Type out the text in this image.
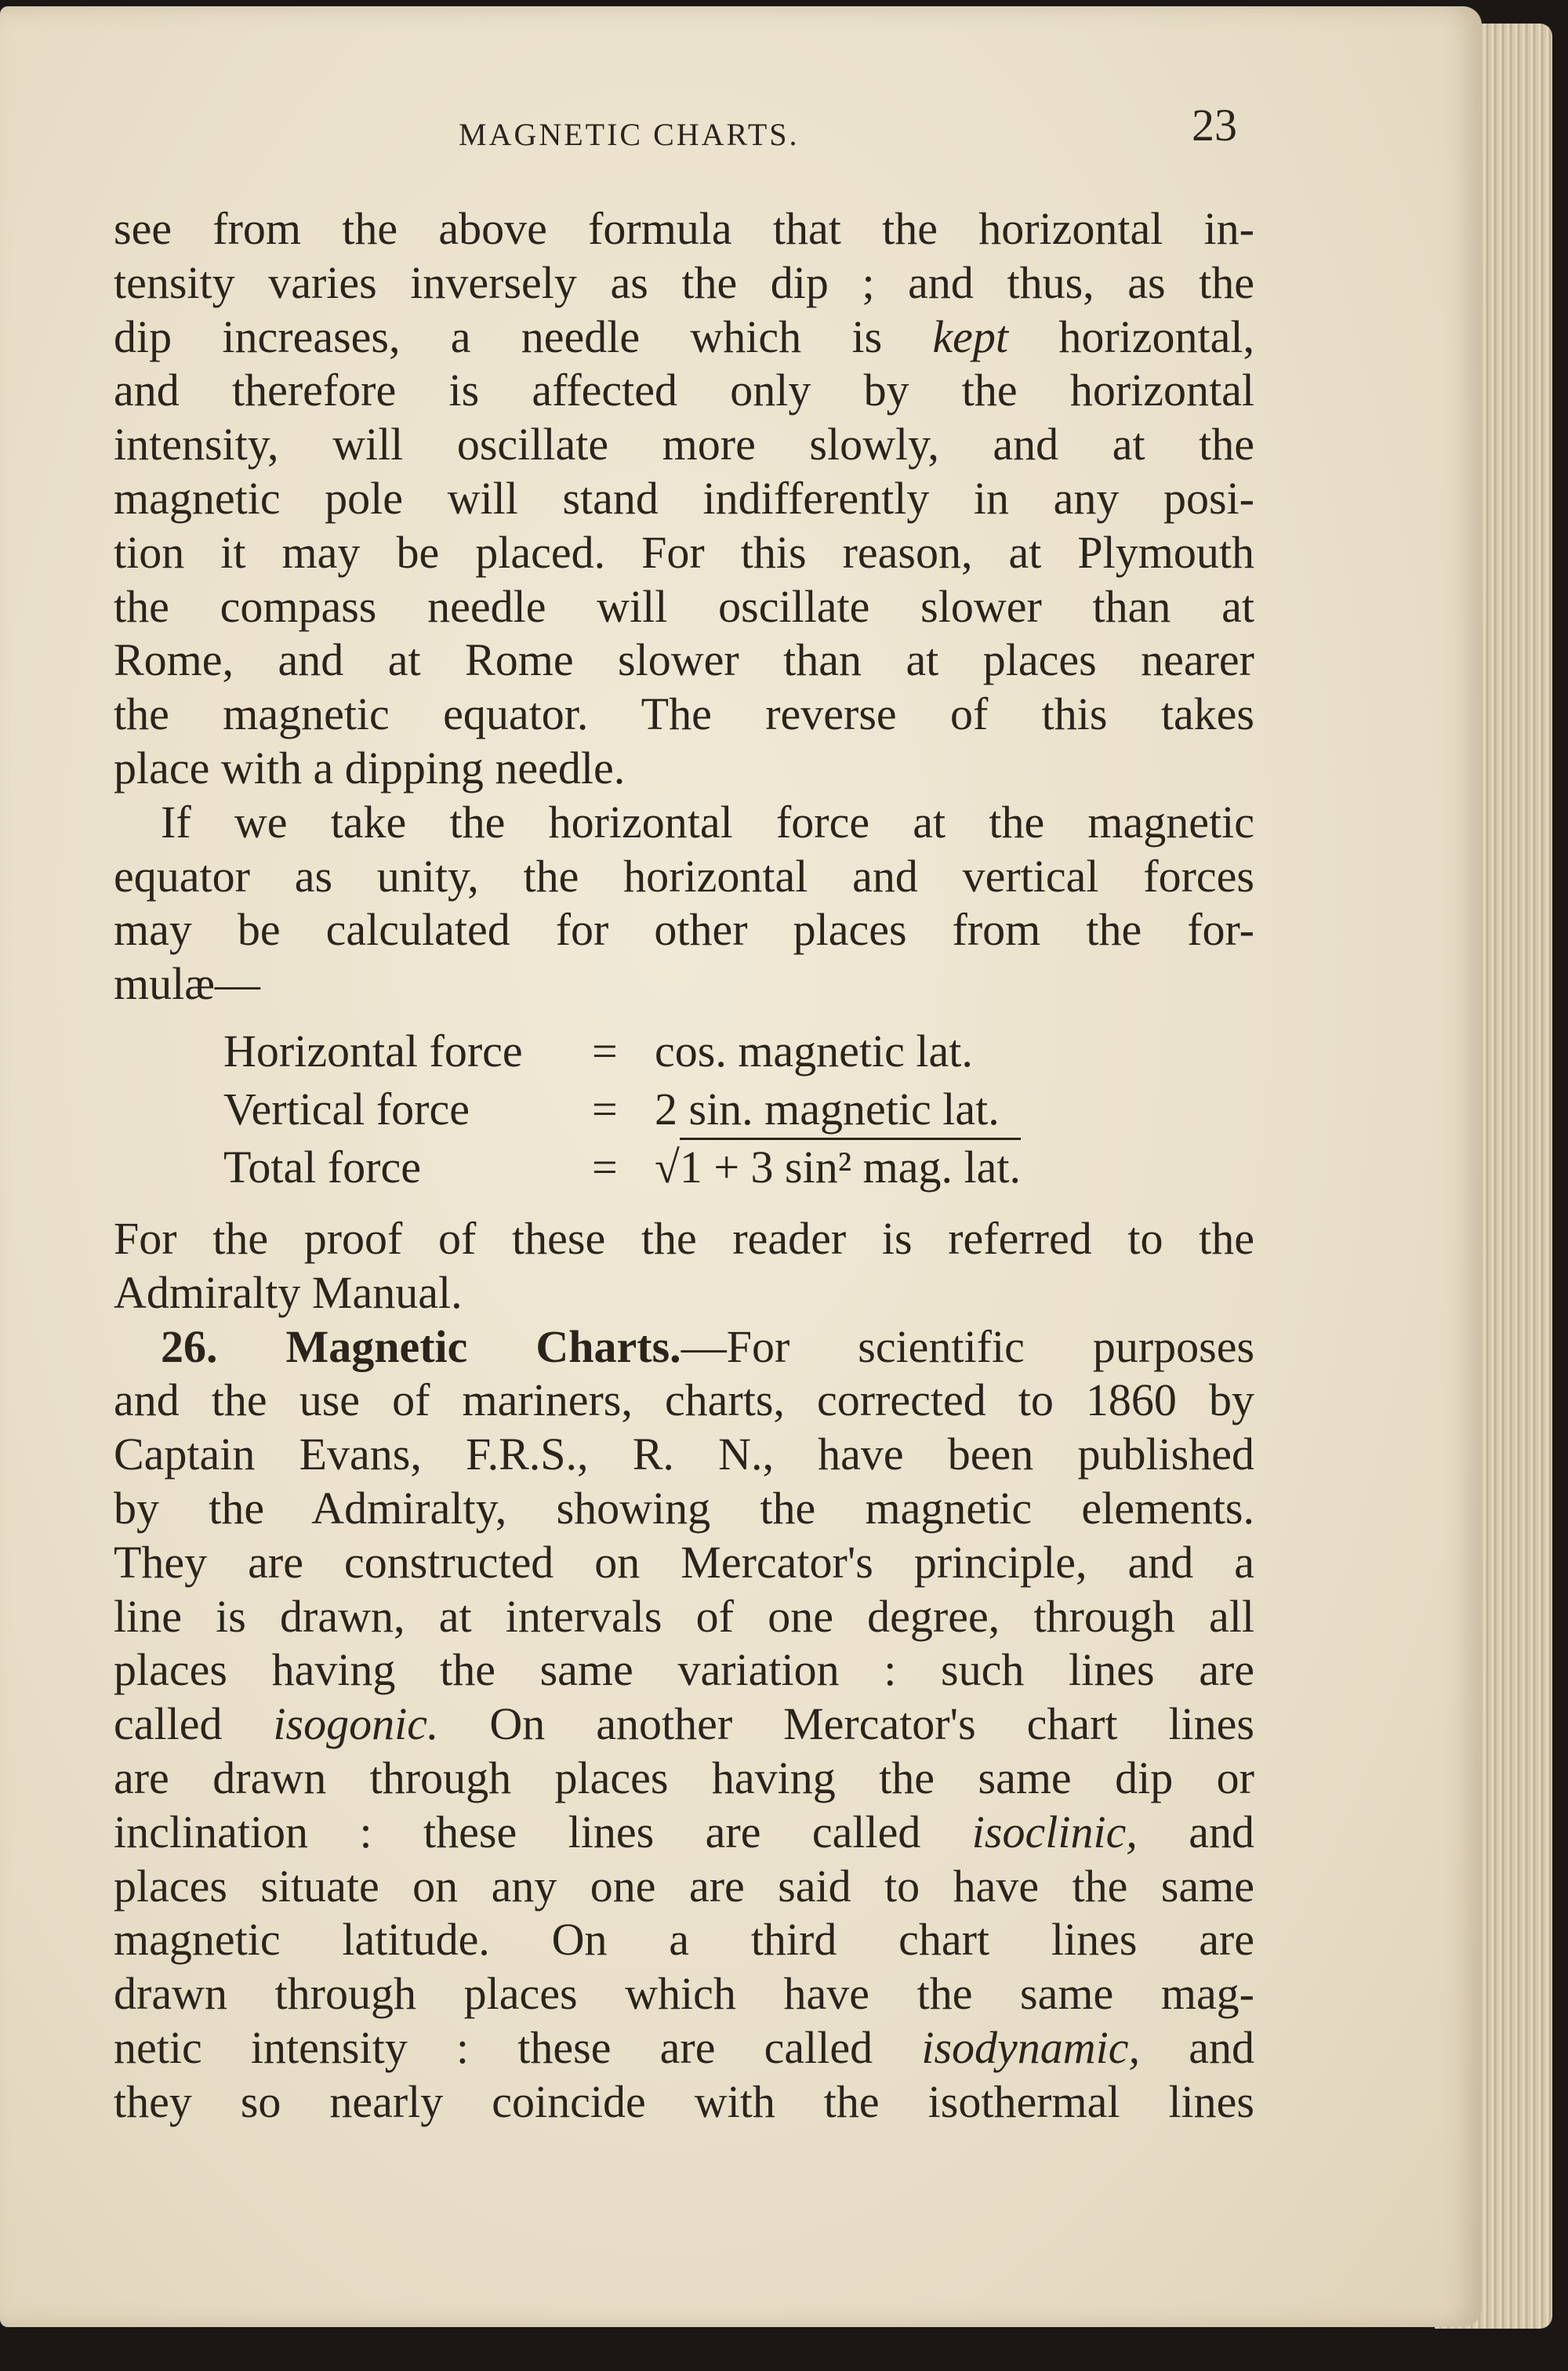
MAGNETIC CHARTS.	23
see from the above formula that the horizontal in-
tensity varies inversely as the dip ; and thus, as the
dip increases, a needle which is kept horizontal,
and therefore is affected only by the horizontal
intensity, will oscillate more slowly, and at the
magnetic pole will stand indifferently in any posi-
tion it may be placed. For this reason, at Plymouth
the compass needle will oscillate slower than at
Rome, and at Rome slower than at places nearer
the magnetic equator. The reverse of this takes
place with a dipping needle.
If we take the horizontal force at the magnetic
equator as unity, the horizontal and vertical forces
may be calculated for other places from the for-
mulæ—
Horizontal force = cos. magnetic lat.
Vertical force	= 2 sin. magnetic lat.
Total force	= √1 + 3 sin² mag. lat.
For the proof of these the reader is referred to the
Admiralty Manual.
26. Magnetic Charts.—For scientific purposes
and the use of mariners, charts, corrected to 1860 by
Captain Evans, F.R.S., R. N., have been published
by the Admiralty, showing the magnetic elements.
They are constructed on Mercator's principle, and a
line is drawn, at intervals of one degree, through all
places having the same variation : such lines are
called isogonic. On another Mercator's chart lines
are drawn through places having the same dip or
inclination : these lines are called isoclinic, and
places situate on any one are said to have the same
magnetic latitude. On a third chart lines are
drawn through places which have the same mag-
netic intensity : these are called isodynamic, and
they so nearly coincide with the isothermal lines
